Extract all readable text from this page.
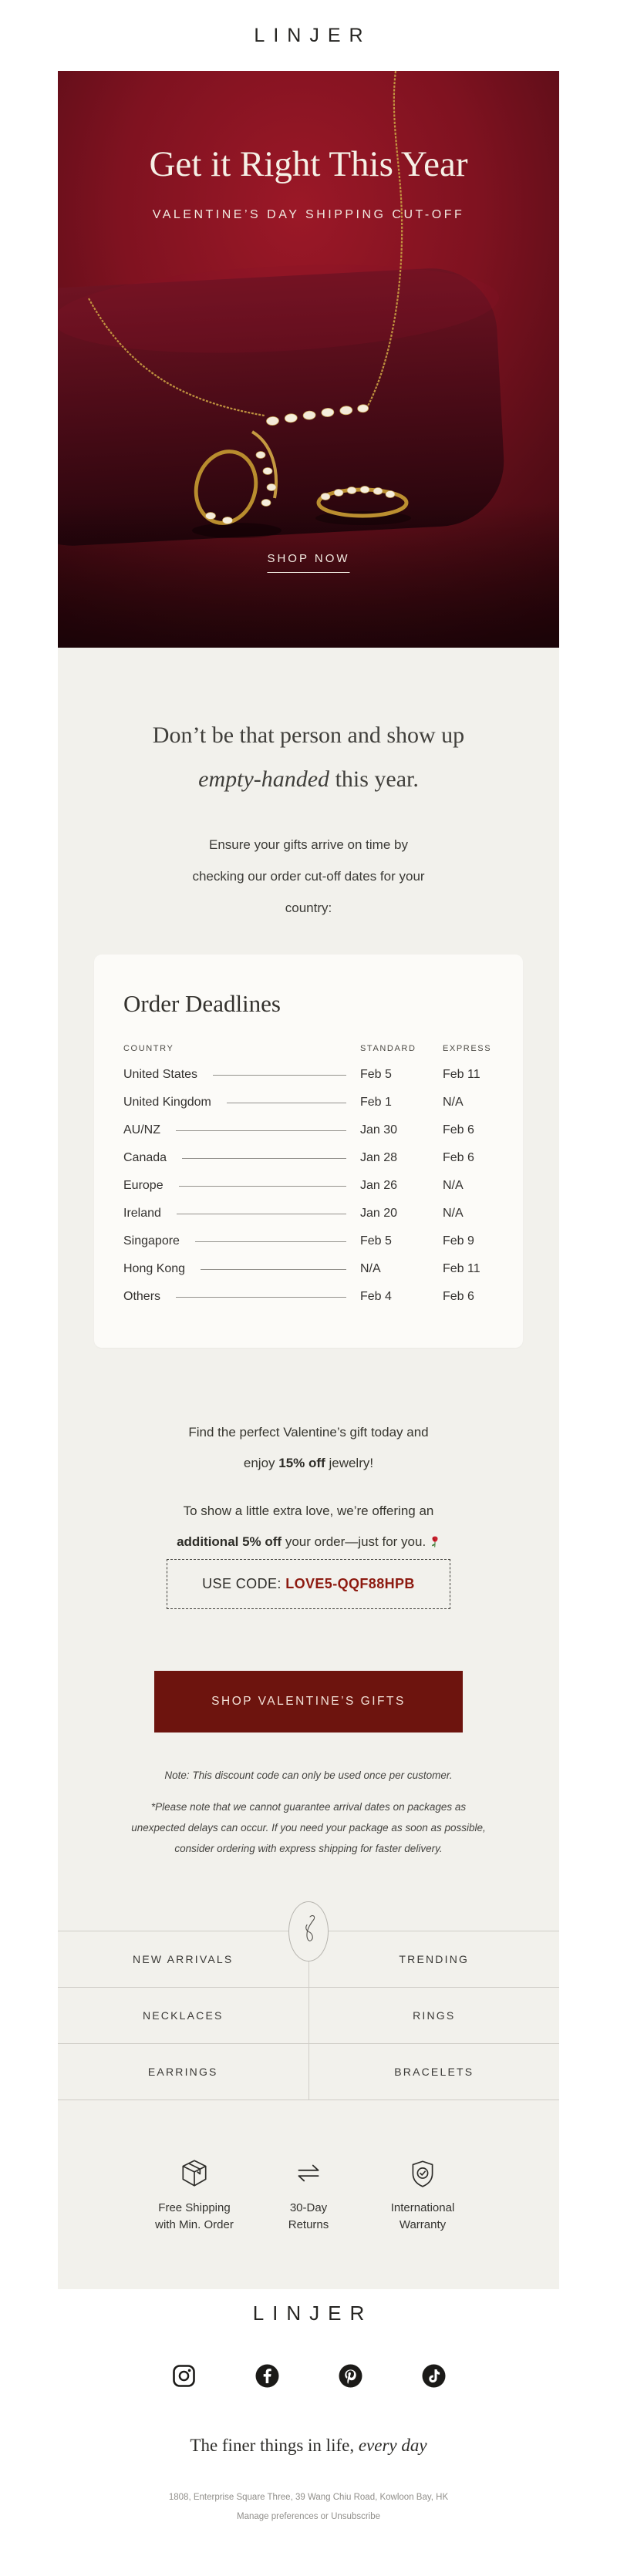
LINJER
Get it Right This Year
VALENTINE’S DAY SHIPPING CUT-OFF
SHOP NOW
Don’t be that person and show up empty-handed this year.
Ensure your gifts arrive on time by checking our order cut-off dates for your country:
Order Deadlines
COUNTRY	STANDARD	EXPRESS
United States	Feb 5	Feb 11
United Kingdom	Feb 1	N/A
AU/NZ	Jan 30	Feb 6
Canada	Jan 28	Feb 6
Europe	Jan 26	N/A
Ireland	Jan 20	N/A
Singapore	Feb 5	Feb 9
Hong Kong	N/A	Feb 11
Others	Feb 4	Feb 6
Find the perfect Valentine’s gift today and enjoy 15% off jewelry!
To show a little extra love, we’re offering an additional 5% off your order—just for you.
USE CODE: LOVE5-QQF88HPB
SHOP VALENTINE’S GIFTS
Note: This discount code can only be used once per customer.
*Please note that we cannot guarantee arrival dates on packages as unexpected delays can occur. If you need your package as soon as possible, consider ordering with express shipping for faster delivery.
NEW ARRIVALS	TRENDING
NECKLACES	RINGS
EARRINGS	BRACELETS
Free Shipping
with Min. Order
30-Day
Returns
International
Warranty
LINJER
The finer things in life, every day
1808, Enterprise Square Three, 39 Wang Chiu Road, Kowloon Bay, HK
Manage preferences or Unsubscribe
